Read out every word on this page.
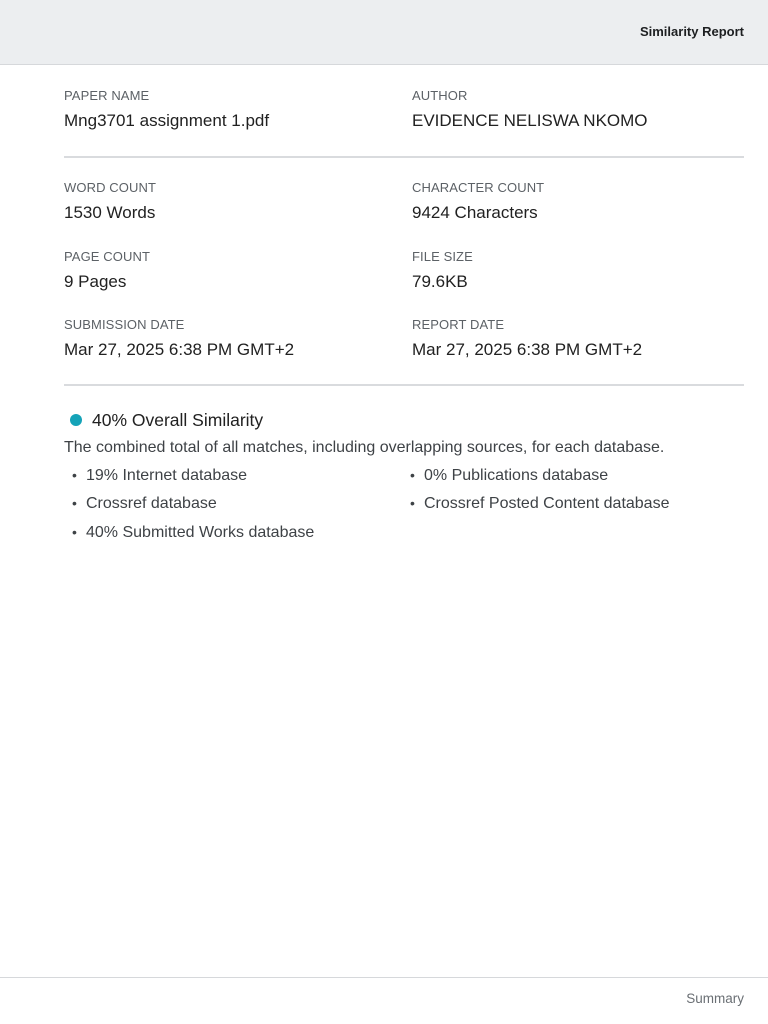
Similarity Report
PAPER NAME
Mng3701 assignment 1.pdf
AUTHOR
EVIDENCE NELISWA NKOMO
WORD COUNT
1530 Words
CHARACTER COUNT
9424 Characters
PAGE COUNT
9 Pages
FILE SIZE
79.6KB
SUBMISSION DATE
Mar 27, 2025 6:38 PM GMT+2
REPORT DATE
Mar 27, 2025 6:38 PM GMT+2
40% Overall Similarity
The combined total of all matches, including overlapping sources, for each database.
• 19% Internet database	• 0% Publications database
• Crossref database	• Crossref Posted Content database
• 40% Submitted Works database
Summary
